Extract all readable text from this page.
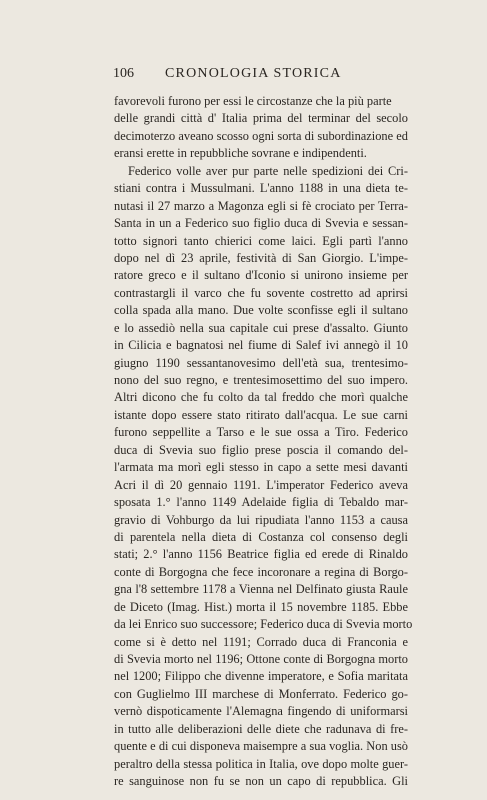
106 CRONOLOGIA STORICA
favorevoli furono per essi le circostanze che la più parte
delle grandi città d' Italia prima del terminar del secolo
decimoterzo aveano scosso ogni sorta di subordinazione ed
eransi erette in repubbliche sovrane e indipendenti.
Federico volle aver pur parte nelle spedizioni dei Cri-
stiani contra i Mussulmani. L'anno 1188 in una dieta te-
nutasi il 27 marzo a Magonza egli si fè crociato per Terra-
Santa in un a Federico suo figlio duca di Svevia e sessan-
totto signori tanto chierici come laici. Egli partì l'anno
dopo nel dì 23 aprile, festività di San Giorgio. L'impe-
ratore greco e il sultano d'Iconio si unirono insieme per
contrastargli il varco che fu sovente costretto ad aprirsi
colla spada alla mano. Due volte sconfisse egli il sultano
e lo assediò nella sua capitale cui prese d'assalto. Giunto
in Cilicia e bagnatosi nel fiume di Salef ivi annegò il 10
giugno 1190 sessantanovesimo dell'età sua, trentesimo-
nono del suo regno, e trentesimosettimo del suo impero.
Altri dicono che fu colto da tal freddo che morì qualche
istante dopo essere stato ritirato dall'acqua. Le sue carni
furono seppellite a Tarso e le sue ossa a Tiro. Federico
duca di Svevia suo figlio prese poscia il comando del-
l'armata ma morì egli stesso in capo a sette mesi davanti
Acri il dì 20 gennaio 1191. L'imperator Federico aveva
sposata 1.° l'anno 1149 Adelaide figlia di Tebaldo mar-
gravio di Vohburgo da lui ripudiata l'anno 1153 a causa
di parentela nella dieta di Costanza col consenso degli
stati; 2.° l'anno 1156 Beatrice figlia ed erede di Rinaldo
conte di Borgogna che fece incoronare a regina di Borgo-
gna l'8 settembre 1178 a Vienna nel Delfinato giusta Raule
de Diceto (Imag. Hist.) morta il 15 novembre 1185. Ebbe
da lei Enrico suo successore; Federico duca di Svevia morto
come si è detto nel 1191; Corrado duca di Franconia e
di Svevia morto nel 1196; Ottone conte di Borgogna morto
nel 1200; Filippo che divenne imperatore, e Sofia maritata
con Guglielmo III marchese di Monferrato. Federico go-
vernò dispoticamente l'Alemagna fingendo di uniformarsi
in tutto alle deliberazioni delle diete che radunava di fre-
quente e di cui disponeva maisempre a sua voglia. Non usò
peraltro della stessa politica in Italia, ove dopo molte guer-
re sanguinose non fu se non un capo di repubblica. Gli
